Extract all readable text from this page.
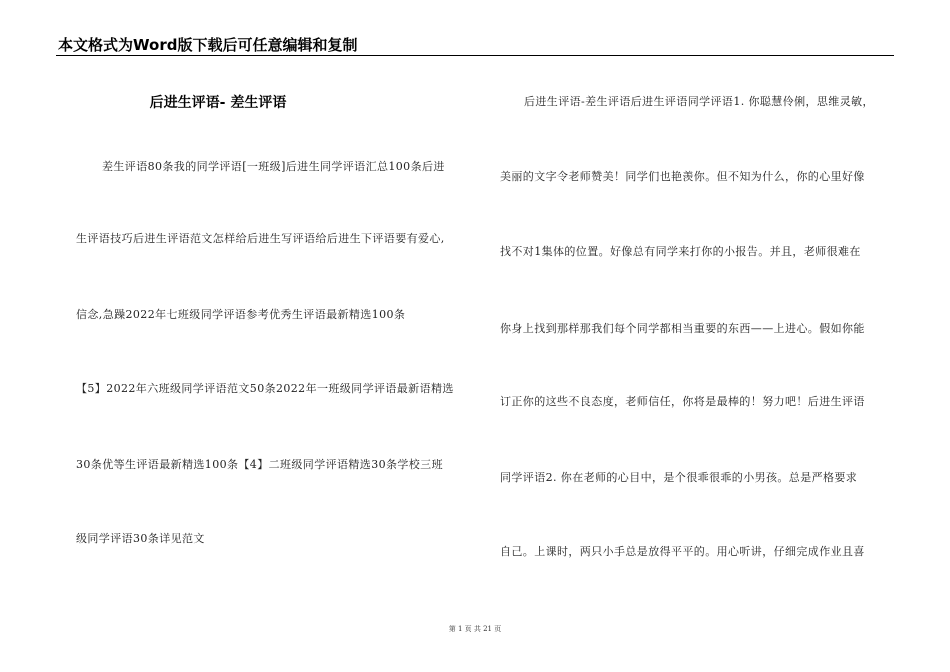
本文格式为Word版下载后可任意编辑和复制
后进生评语- 差生评语
差生评语80条我的同学评语[一班级]后进生同学评语汇总100条后进
生评语技巧后进生评语范文怎样给后进生写评语给后进生下评语要有爱心,
信念,急躁2022年七班级同学评语参考优秀生评语最新精选100条
【5】2022年六班级同学评语范文50条2022年一班级同学评语最新语精选
30条优等生评语最新精选100条【4】二班级同学评语精选30条学校三班
级同学评语30条详见范文
后进生评语-差生评语后进生评语同学评语1. 你聪慧伶俐，思维灵敏，
美丽的文字令老师赞美！同学们也艳羡你。但不知为什么，你的心里好像
找不对1集体的位置。好像总有同学来打你的小报告。并且，老师很难在
你身上找到那样那我们每个同学都相当重要的东西——上进心。假如你能
订正你的这些不良态度，老师信任，你将是最棒的！努力吧！后进生评语
同学评语2. 你在老师的心目中，是个很乖很乖的小男孩。总是严格要求
自己。上课时，两只小手总是放得平平的。用心听讲，仔细完成作业且喜
第 1 页 共 21 页
